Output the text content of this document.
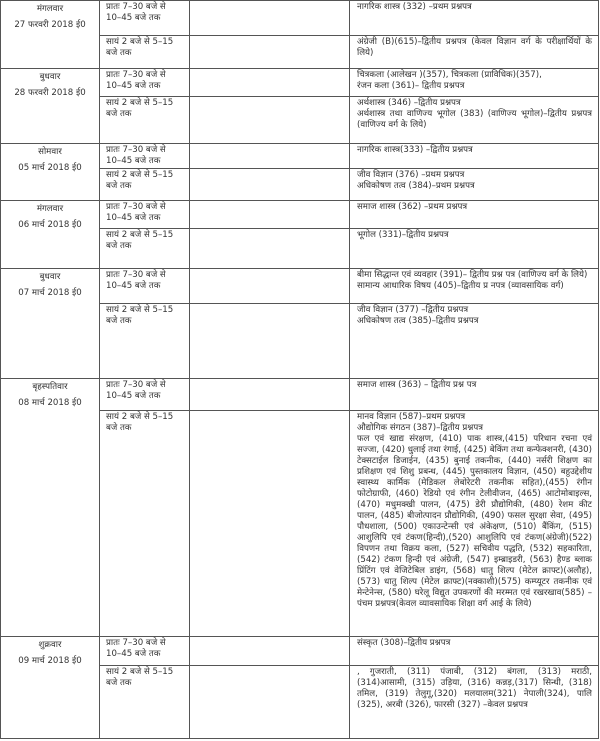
मंगलवार
27 फरवरी 2018 ई0	प्रातः 7–30 बजे से
10–45 बजे तक		नागरिक शास्त्र (332) –प्रथम प्रश्नपत्र

	सायं 2 बजे से 5–15
बजे तक		अंग्रेजी (B)(615)–द्वितीय प्रश्नपत्र (केवल विज्ञान वर्ग के परीक्षार्थियों के लिये)

बुधवार
28 फरवरी 2018 ई0	प्रातः 7–30 बजे से
10–45 बजे तक		चित्रकला (आलेखन )(357), चित्रकला (प्राविधिक)(357),
रंजन कला (361)– द्वितीय प्रश्नपत्र

	सायं 2 बजे से 5–15
बजे तक		अर्थशास्त्र (346) –द्वितीय प्रश्नपत्र
अर्थशास्त्र तथा वाणिज्य भूगोल (383) (वाणिज्य भूगोल)–द्वितीय प्रश्नपत्र (वाणिज्य वर्ग के लिये)

सोमवार
05 मार्च 2018 ई0	प्रातः 7–30 बजे से
10–45 बजे तक		नागरिक शास्त्र(333) –द्वितीय प्रश्नपत्र

	सायं 2 बजे से 5–15
बजे तक		जीव विज्ञान (376) –प्रथम प्रश्नपत्र
अधिकोषण तत्व (384)–प्रथम प्रश्नपत्र

मंगलवार
06 मार्च 2018 ई0	प्रातः 7–30 बजे से
10–45 बजे तक		समाज शास्त्र (362) –प्रथम प्रश्नपत्र

	सायं 2 बजे से 5–15
बजे तक		भूगोल (331)–द्वितीय प्रश्नपत्र

बुधवार
07 मार्च 2018 ई0	प्रातः 7–30 बजे से
10–45 बजे तक		बीमा सिद्धान्त एवं व्यवहार (391)– द्वितीय प्रश्न पत्र (वाणिज्य वर्ग के लिये)
सामान्य आधारिक विषय (405)–द्वितीय प्र नपत्र (व्यावसायिक वर्ग)

	सायं 2 बजे से 5–15
बजे तक		जीव विज्ञान (377) –द्वितीय प्रश्नपत्र
अधिकोषण तत्व (385)–द्वितीय प्रश्नपत्र

बृहस्पतिवार
08 मार्च 2018 ई0	प्रातः 7–30 बजे से
10–45 बजे तक		समाज शास्त्र (363) – द्वितीय प्रश्न पत्र

	सायं 2 बजे से 5–15
बजे तक		मानव विज्ञान (587)–प्रथम प्रश्नपत्र
औद्योगिक संगठन (387)–द्वितीय प्रश्नपत्र
फल एवं खाद्य संरक्षण, (410) पाक शास्त्र,(415) परिधान रचना एवं सज्जा, (420) धुलाई तथा रंगाई, (425) बेकिंग तथा कन्फेक्शनरी, (430) टेक्सटाईल डिजाईन, (435) बुनाई तकनीक, (440) नर्सरी शिक्षण का प्रशिक्षण एवं शिशु प्रबन्ध, (445) पुस्तकालय विज्ञान, (450) बहुउद्देशीय स्वास्थ्य कार्मिक (मेडिकल लेबोरेटरी तकनीक सहित),(455) रंगीन फोटोग्राफी, (460) रेडियो एवं रंगीन टेलीवीजन, (465) आटोमोबाइल्स, (470) मधुमक्खी पालन, (475) डेरी प्रौद्योगिकी, (480) रेशम कीट पालन, (485) बीजोत्पादन प्रौद्योगिकी, (490) फसल सुरक्षा सेवा, (495) पौधशाला, (500) एकाउन्टेन्सी एवं अंकेक्षण, (510) बैंकिंग, (515) आशुलिपि एवं टंकण(हिन्दी),(520) आशुलिपि एवं टंकण(अंग्रेजी)(522) विपणन तथा विक्रय कला, (527) सचिवीय पद्धति, (532) सहकारिता, (542) टंकण हिन्दी एवं अंग्रेजी, (547) इम्ब्राइडरी, (563) हैण्ड ब्लाक प्रिंटिंग एवं वेजिटेबिल डाइंग, (568) धातु शिल्प (मेटेल क्राफ्ट)(अलौह),(573) धातु शिल्प (मेटेल क्राफ्ट)(नक्काशी)(575) कम्प्यूटर तकनीक एवं मेन्टेनेन्स, (580) घरेलू विद्युत उपकरणों की मरम्मत एवं रखरखाव(585) –पंचम प्रश्नपत्र(केवल व्यावसायिक शिक्षा वर्ग आई के लिये)

शुक्रवार
09 मार्च 2018 ई0	प्रातः 7–30 बजे से
10–45 बजे तक		संस्कृत (308)–द्वितीय प्रश्नपत्र

	सायं 2 बजे से 5–15
बजे तक		, गुजराती, (311) पंजाबी, (312) बंगला, (313) मराठी, (314)आसामी, (315) उड़िया, (316) कन्नड़,(317) सिन्धी, (318) तमिल, (319) तेलुगू,(320) मलयालम(321) नेपाली(324), पालि (325), अरबी (326), फारसी (327) –केवल प्रश्नपत्र
